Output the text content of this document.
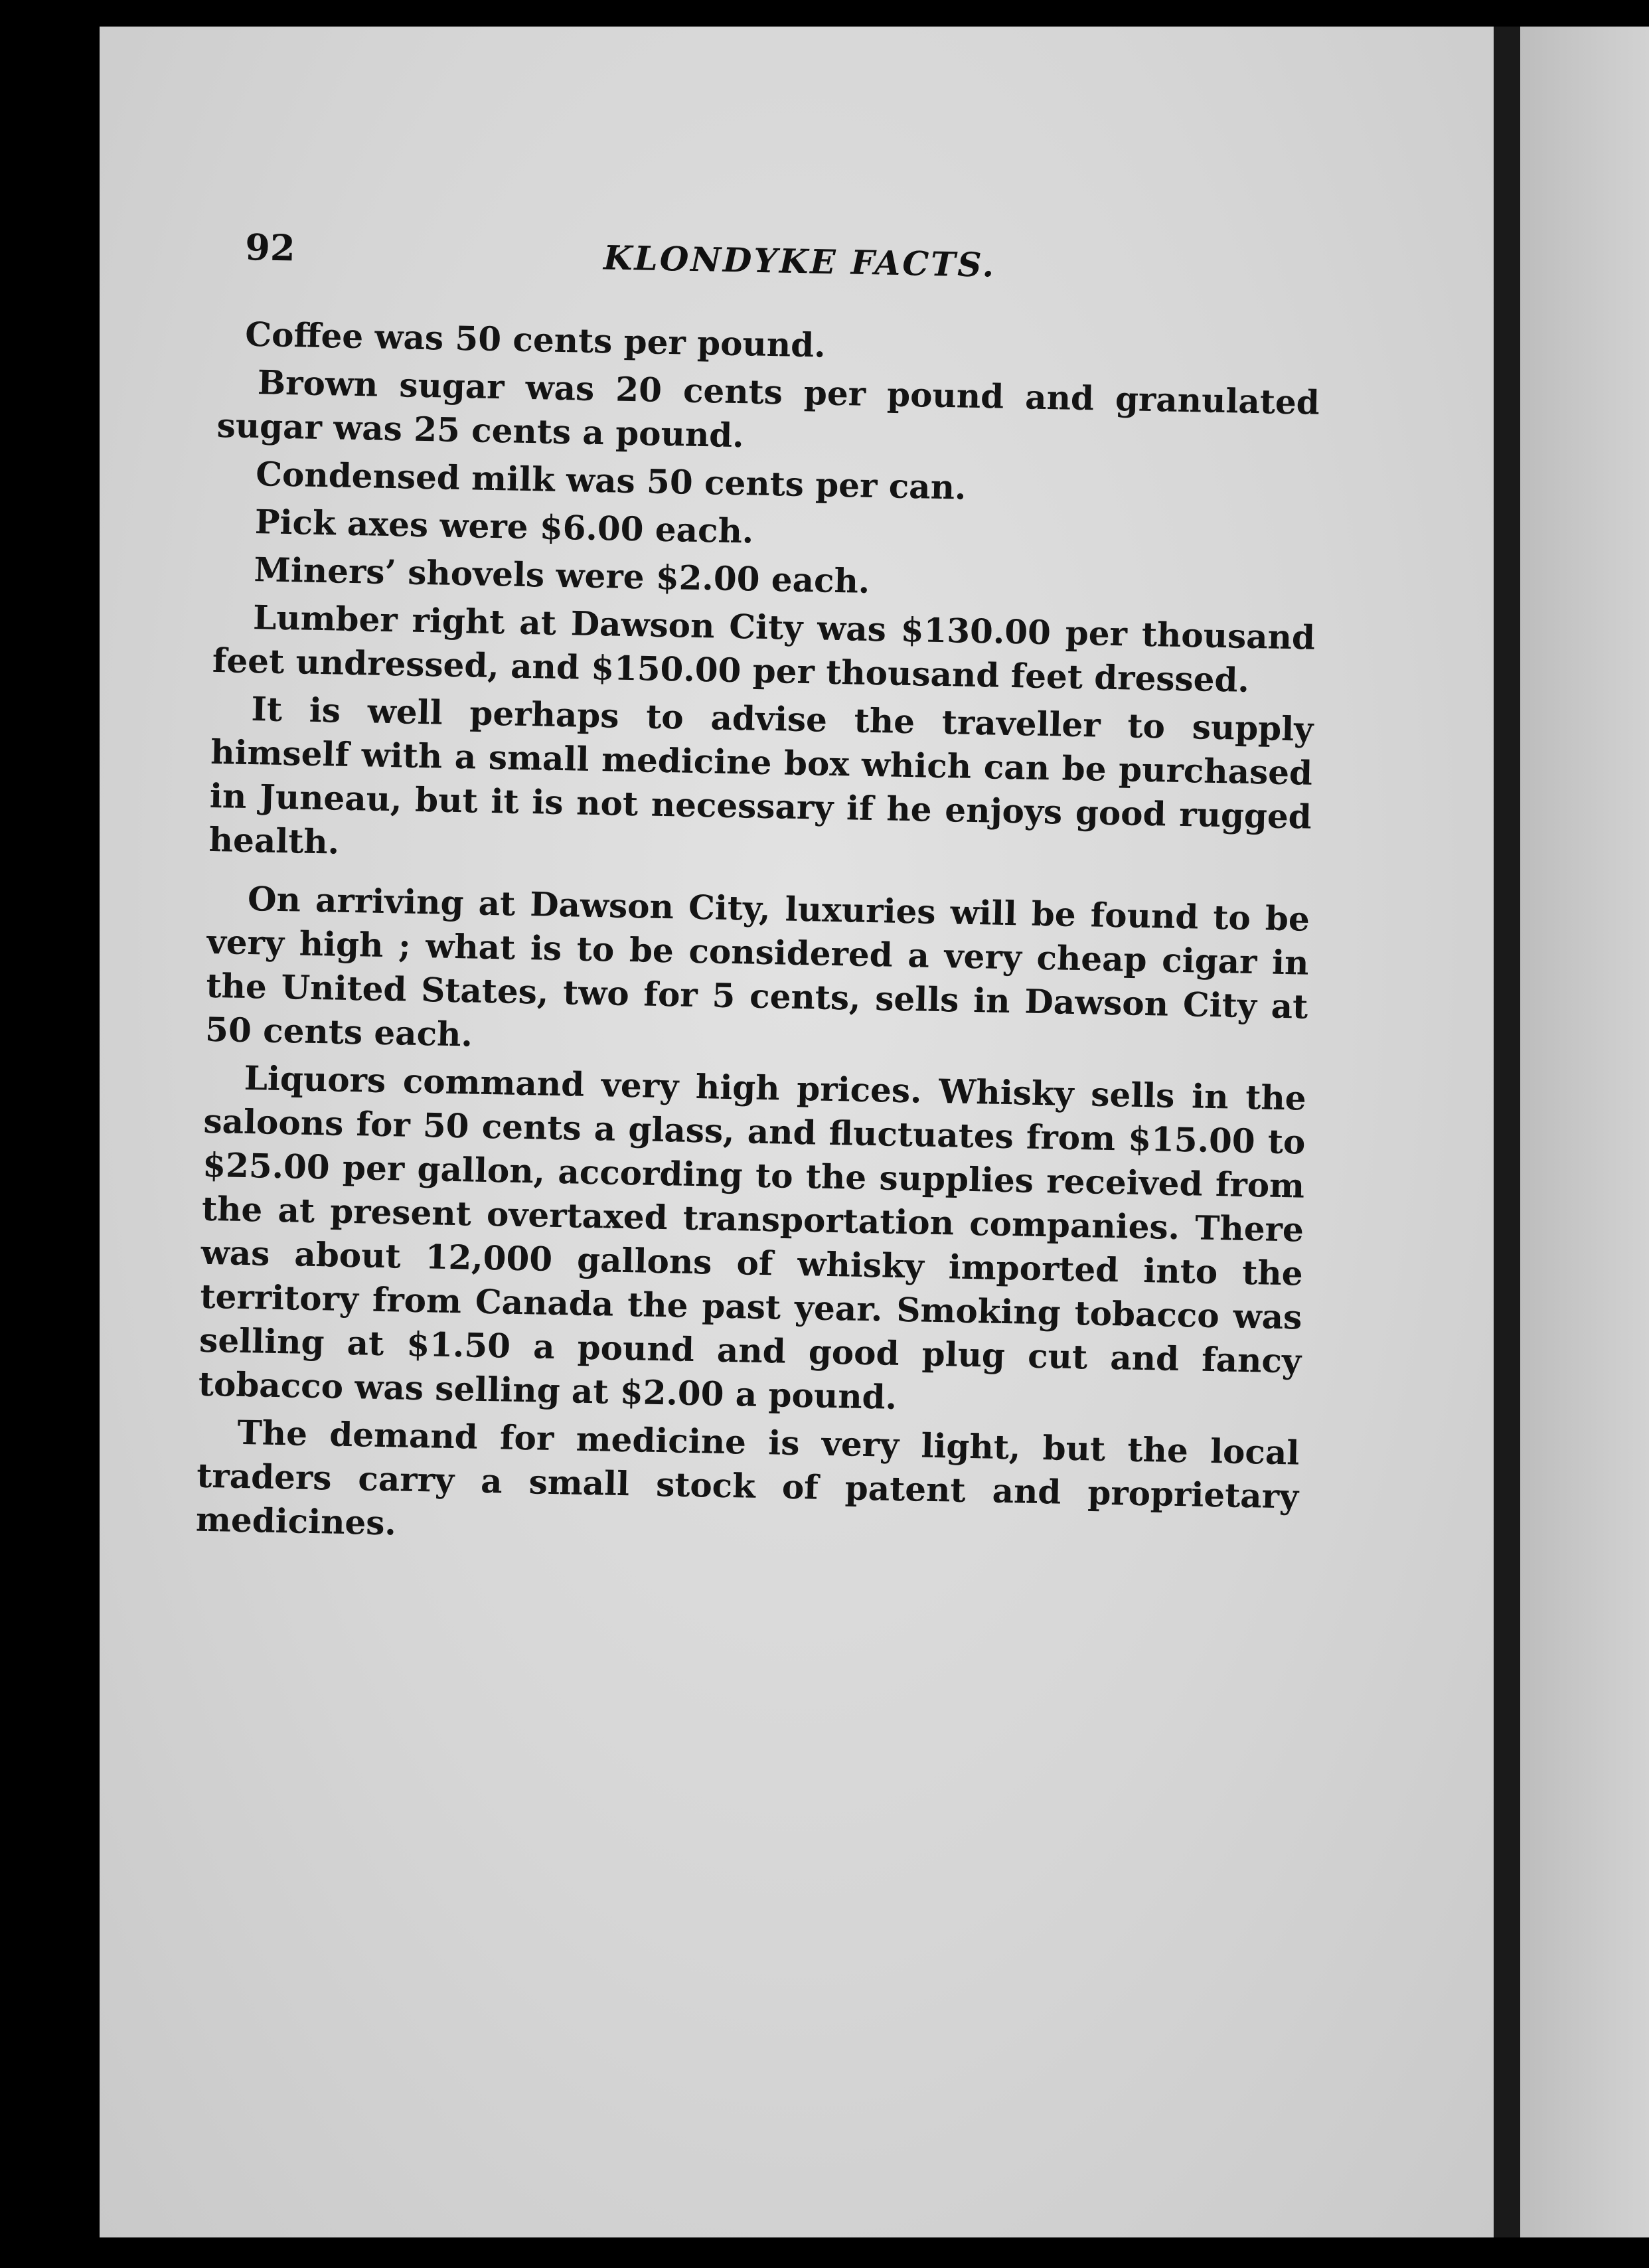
92	KLONDYKE FACTS.

Coffee was 50 cents per pound.

Brown sugar was 20 cents per pound and granulated sugar was 25 cents a pound.

Condensed milk was 50 cents per can.

Pick axes were $6.00 each.

Miners’ shovels were $2.00 each.

Lumber right at Dawson City was $130.00 per thousand feet undressed, and $150.00 per thousand feet dressed.

It is well perhaps to advise the traveller to supply himself with a small medicine box which can be purchased in Juneau, but it is not necessary if he enjoys good rugged health.

On arriving at Dawson City, luxuries will be found to be very high ; what is to be considered a very cheap cigar in the United States, two for 5 cents, sells in Dawson City at 50 cents each.

Liquors command very high prices. Whisky sells in the saloons for 50 cents a glass, and fluctuates from $15.00 to $25.00 per gallon, according to the supplies received from the at present overtaxed transportation companies. There was about 12,000 gallons of whisky imported into the territory from Canada the past year. Smoking tobacco was selling at $1.50 a pound and good plug cut and fancy tobacco was selling at $2.00 a pound.

The demand for medicine is very light, but the local traders carry a small stock of patent and proprietary medicines.
